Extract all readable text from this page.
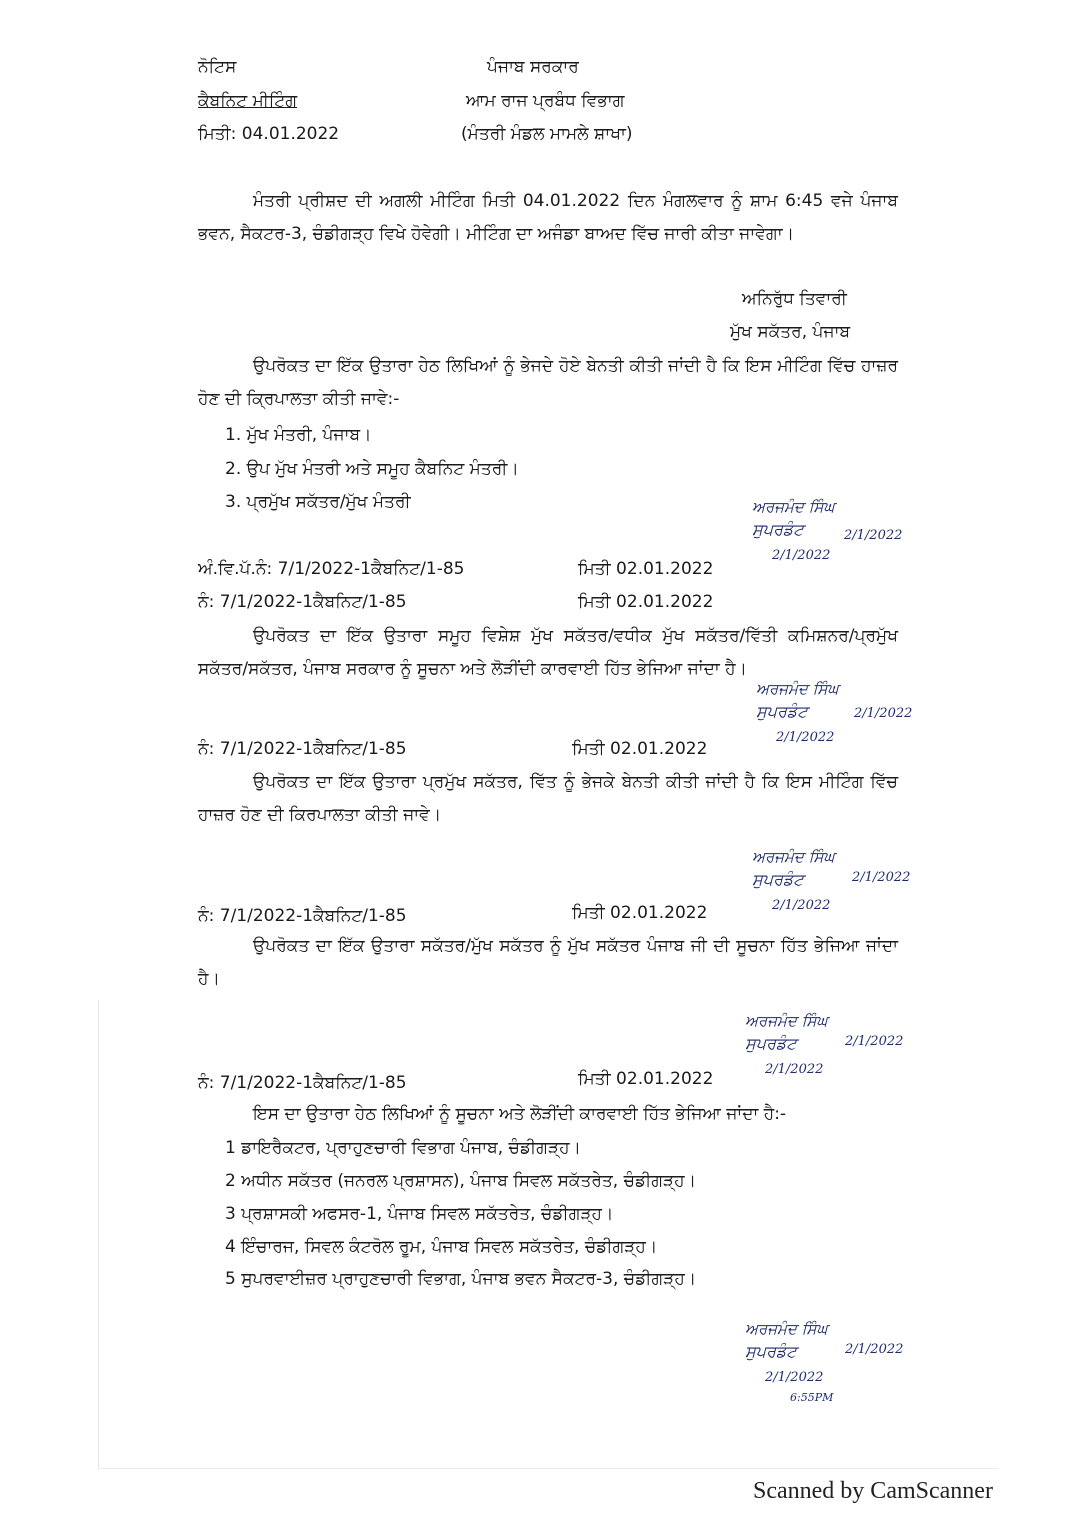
ਨੋਟਿਸ
ਕੈਬਨਿਟ ਮੀਟਿੰਗ
ਮਿਤੀ: 04.01.2022
ਪੰਜਾਬ ਸਰਕਾਰ
ਆਮ ਰਾਜ ਪ੍ਰਬੰਧ ਵਿਭਾਗ
(ਮੰਤਰੀ ਮੰਡਲ ਮਾਮਲੇ ਸ਼ਾਖਾ)
ਮੰਤਰੀ ਪ੍ਰੀਸ਼ਦ ਦੀ ਅਗਲੀ ਮੀਟਿੰਗ ਮਿਤੀ 04.01.2022 ਦਿਨ ਮੰਗਲਵਾਰ ਨੂੰ ਸ਼ਾਮ 6:45 ਵਜੇ ਪੰਜਾਬ ਭਵਨ, ਸੈਕਟਰ-3, ਚੰਡੀਗੜ੍ਹ ਵਿਖੇ ਹੋਵੇਗੀ। ਮੀਟਿੰਗ ਦਾ ਅਜੰਡਾ ਬਾਅਦ ਵਿੱਚ ਜਾਰੀ ਕੀਤਾ ਜਾਵੇਗਾ।
ਅਨਿਰੁੱਧ ਤਿਵਾਰੀ
ਮੁੱਖ ਸਕੱਤਰ, ਪੰਜਾਬ
ਉਪਰੋਕਤ ਦਾ ਇੱਕ ਉਤਾਰਾ ਹੇਠ ਲਿਖਿਆਂ ਨੂੰ ਭੇਜਦੇ ਹੋਏ ਬੇਨਤੀ ਕੀਤੀ ਜਾਂਦੀ ਹੈ ਕਿ ਇਸ ਮੀਟਿੰਗ ਵਿੱਚ ਹਾਜ਼ਰ ਹੋਣ ਦੀ ਕ੍ਰਿਪਾਲਤਾ ਕੀਤੀ ਜਾਵੇ:-
1. ਮੁੱਖ ਮੰਤਰੀ, ਪੰਜਾਬ।
2. ਉਪ ਮੁੱਖ ਮੰਤਰੀ ਅਤੇ ਸਮੂਹ ਕੈਬਨਿਟ ਮੰਤਰੀ।
3. ਪ੍ਰਮੁੱਖ ਸਕੱਤਰ/ਮੁੱਖ ਮੰਤਰੀ	ਅਰਜਮੰਦ ਸਿੰਘ
ਸੁਪਰਡੰਟ
2/1/2022
2/1/2022
ਅੰ.ਵਿ.ਪੱ.ਨੰ: 7/1/2022-1ਕੈਬਨਿਟ/1-85	ਮਿਤੀ 02.01.2022
ਨੰ: 7/1/2022-1ਕੈਬਨਿਟ/1-85	ਮਿਤੀ 02.01.2022
ਉਪਰੋਕਤ ਦਾ ਇੱਕ ਉਤਾਰਾ ਸਮੂਹ ਵਿਸ਼ੇਸ਼ ਮੁੱਖ ਸਕੱਤਰ/ਵਧੀਕ ਮੁੱਖ ਸਕੱਤਰ/ਵਿੱਤੀ ਕਮਿਸ਼ਨਰ/ਪ੍ਰਮੁੱਖ ਸਕੱਤਰ/ਸਕੱਤਰ, ਪੰਜਾਬ ਸਰਕਾਰ ਨੂੰ ਸੂਚਨਾ ਅਤੇ ਲੋੜੀਂਦੀ ਕਾਰਵਾਈ ਹਿੱਤ ਭੇਜਿਆ ਜਾਂਦਾ ਹੈ।
ਅਰਜਮੰਦ ਸਿੰਘ
ਸੁਪਰਡੰਟ
2/1/2022
2/1/2022
ਨੰ: 7/1/2022-1ਕੈਬਨਿਟ/1-85	ਮਿਤੀ 02.01.2022
ਉਪਰੋਕਤ ਦਾ ਇੱਕ ਉਤਾਰਾ ਪ੍ਰਮੁੱਖ ਸਕੱਤਰ, ਵਿੱਤ ਨੂੰ ਭੇਜਕੇ ਬੇਨਤੀ ਕੀਤੀ ਜਾਂਦੀ ਹੈ ਕਿ ਇਸ ਮੀਟਿੰਗ ਵਿੱਚ ਹਾਜ਼ਰ ਹੋਣ ਦੀ ਕਿਰਪਾਲਤਾ ਕੀਤੀ ਜਾਵੇ।
ਅਰਜਮੰਦ ਸਿੰਘ
ਸੁਪਰਡੰਟ
2/1/2022
2/1/2022
ਨੰ: 7/1/2022-1ਕੈਬਨਿਟ/1-85	ਮਿਤੀ 02.01.2022
ਉਪਰੋਕਤ ਦਾ ਇੱਕ ਉਤਾਰਾ ਸਕੱਤਰ/ਮੁੱਖ ਸਕੱਤਰ ਨੂੰ ਮੁੱਖ ਸਕੱਤਰ ਪੰਜਾਬ ਜੀ ਦੀ ਸੂਚਨਾ ਹਿੱਤ ਭੇਜਿਆ ਜਾਂਦਾ ਹੈ।
ਅਰਜਮੰਦ ਸਿੰਘ
ਸੁਪਰਡੰਟ
2/1/2022
2/1/2022
ਨੰ: 7/1/2022-1ਕੈਬਨਿਟ/1-85	ਮਿਤੀ 02.01.2022
ਇਸ ਦਾ ਉਤਾਰਾ ਹੇਠ ਲਿਖਿਆਂ ਨੂੰ ਸੂਚਨਾ ਅਤੇ ਲੋੜੀਂਦੀ ਕਾਰਵਾਈ ਹਿੱਤ ਭੇਜਿਆ ਜਾਂਦਾ ਹੈ:-
1 ਡਾਇਰੈਕਟਰ, ਪ੍ਰਾਹੁਣਚਾਰੀ ਵਿਭਾਗ ਪੰਜਾਬ, ਚੰਡੀਗੜ੍ਹ।
2 ਅਧੀਨ ਸਕੱਤਰ (ਜਨਰਲ ਪ੍ਰਸ਼ਾਸਨ), ਪੰਜਾਬ ਸਿਵਲ ਸਕੱਤਰੇਤ, ਚੰਡੀਗੜ੍ਹ।
3 ਪ੍ਰਸ਼ਾਸਕੀ ਅਫਸਰ-1, ਪੰਜਾਬ ਸਿਵਲ ਸਕੱਤਰੇਤ, ਚੰਡੀਗੜ੍ਹ।
4 ਇੰਚਾਰਜ, ਸਿਵਲ ਕੰਟਰੋਲ ਰੂਮ, ਪੰਜਾਬ ਸਿਵਲ ਸਕੱਤਰੇਤ, ਚੰਡੀਗੜ੍ਹ।
5 ਸੁਪਰਵਾਈਜ਼ਰ ਪ੍ਰਾਹੁਣਚਾਰੀ ਵਿਭਾਗ, ਪੰਜਾਬ ਭਵਨ ਸੈਕਟਰ-3, ਚੰਡੀਗੜ੍ਹ।
ਅਰਜਮੰਦ ਸਿੰਘ
ਸੁਪਰਡੰਟ
2/1/2022
6:55PM
2/1/2022
Scanned by CamScanner
